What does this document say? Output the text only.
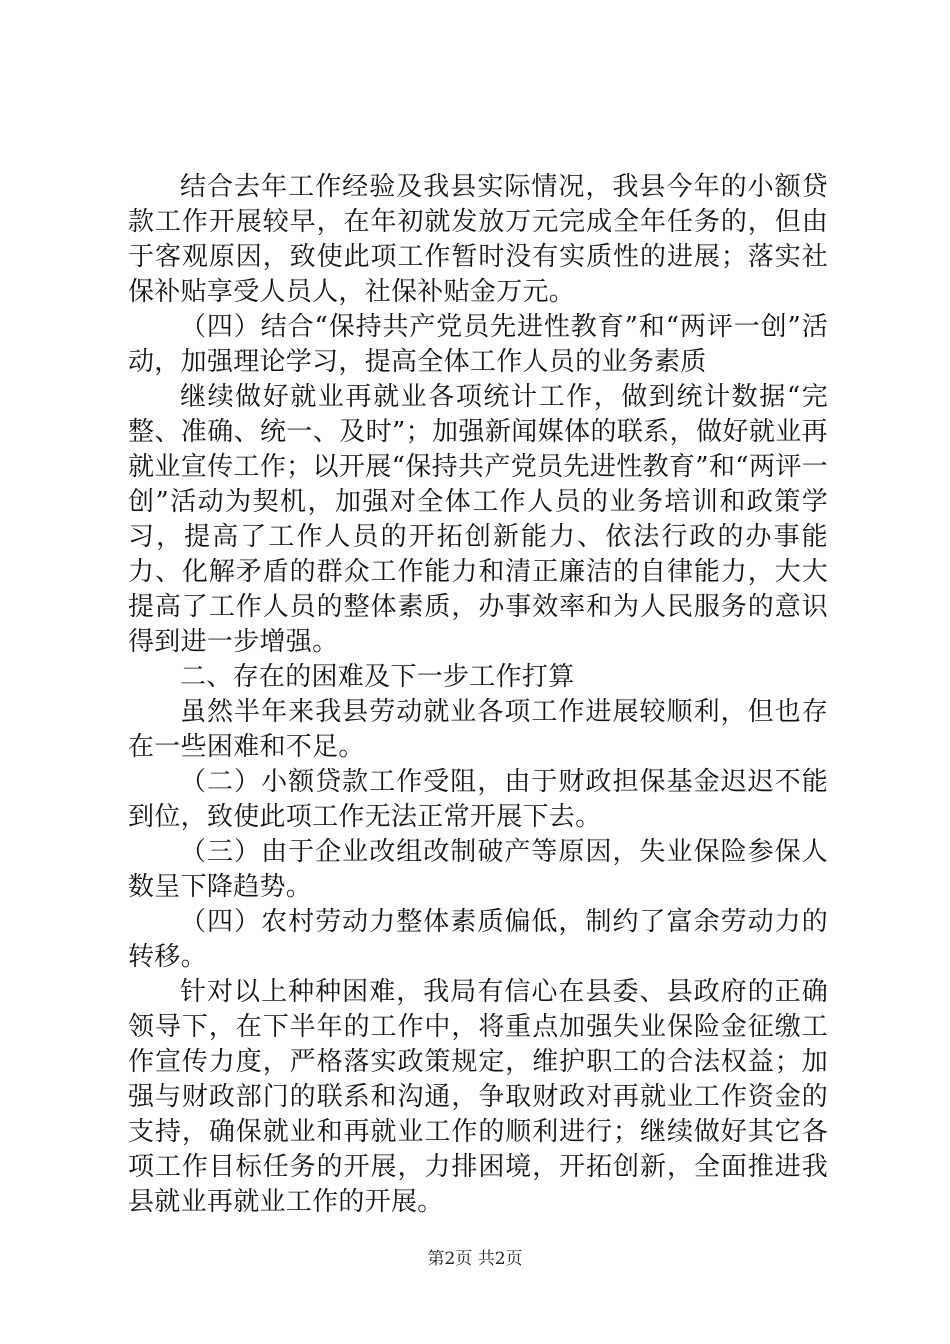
结合去年工作经验及我县实际情况，我县今年的小额贷款工作开展较早，在年初就发放万元完成全年任务的，但由于客观原因，致使此项工作暂时没有实质性的进展；落实社保补贴享受人员人，社保补贴金万元。

（四）结合“保持共产党员先进性教育”和“两评一创”活动，加强理论学习，提高全体工作人员的业务素质

继续做好就业再就业各项统计工作，做到统计数据“完整、准确、统一、及时”；加强新闻媒体的联系，做好就业再就业宣传工作；以开展“保持共产党员先进性教育”和“两评一创”活动为契机，加强对全体工作人员的业务培训和政策学习，提高了工作人员的开拓创新能力、依法行政的办事能力、化解矛盾的群众工作能力和清正廉洁的自律能力，大大提高了工作人员的整体素质，办事效率和为人民服务的意识得到进一步增强。

二、存在的困难及下一步工作打算

虽然半年来我县劳动就业各项工作进展较顺利，但也存在一些困难和不足。

（二）小额贷款工作受阻，由于财政担保基金迟迟不能到位，致使此项工作无法正常开展下去。

（三）由于企业改组改制破产等原因，失业保险参保人数呈下降趋势。

（四）农村劳动力整体素质偏低，制约了富余劳动力的转移。

针对以上种种困难，我局有信心在县委、县政府的正确领导下，在下半年的工作中，将重点加强失业保险金征缴工作宣传力度，严格落实政策规定，维护职工的合法权益；加强与财政部门的联系和沟通，争取财政对再就业工作资金的支持，确保就业和再就业工作的顺利进行；继续做好其它各项工作目标任务的开展，力排困境，开拓创新，全面推进我县就业再就业工作的开展。

第2页 共2页
